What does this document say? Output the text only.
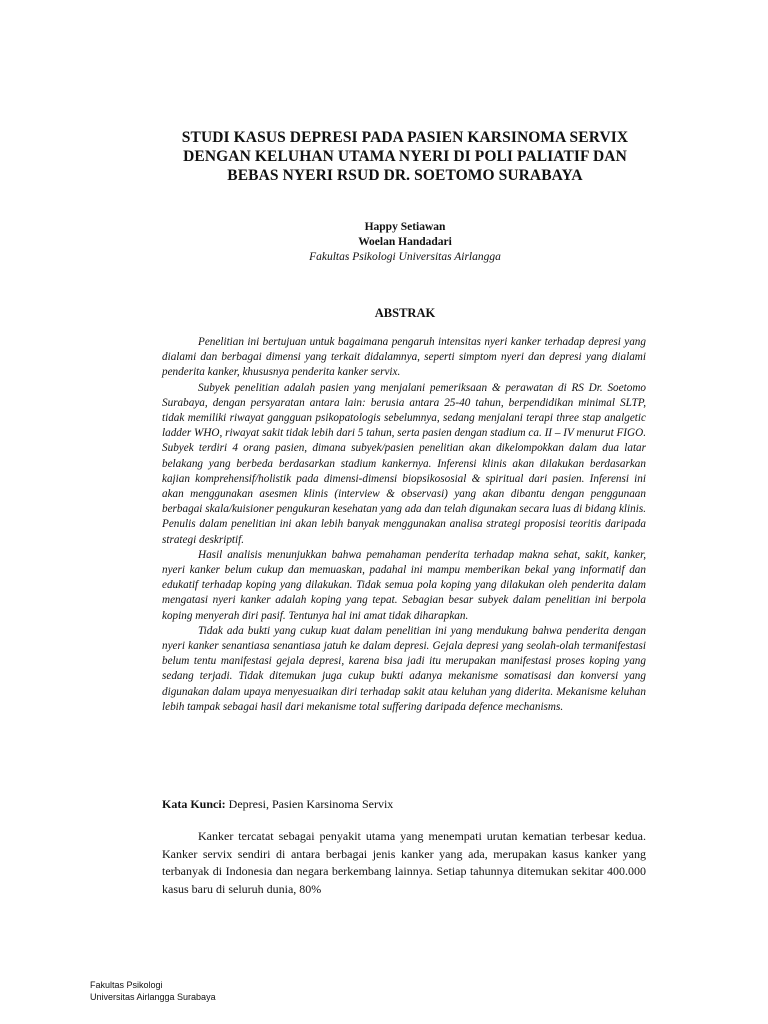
STUDI KASUS DEPRESI PADA PASIEN KARSINOMA SERVIX
DENGAN KELUHAN UTAMA NYERI DI POLI PALIATIF DAN
BEBAS NYERI RSUD DR. SOETOMO SURABAYA
Happy Setiawan
Woelan Handadari
Fakultas Psikologi Universitas Airlangga
ABSTRAK

Penelitian ini bertujuan untuk bagaimana pengaruh intensitas nyeri kanker terhadap depresi yang dialami dan berbagai dimensi yang terkait didalamnya, seperti simptom nyeri dan depresi yang dialami penderita kanker, khususnya penderita kanker servix.

Subyek penelitian adalah pasien yang menjalani pemeriksaan & perawatan di RS Dr. Soetomo Surabaya, dengan persyaratan antara lain: berusia antara 25-40 tahun, berpendidikan minimal SLTP, tidak memiliki riwayat gangguan psikopatologis sebelumnya, sedang menjalani terapi three stap analgetic ladder WHO, riwayat sakit tidak lebih dari 5 tahun, serta pasien dengan stadium ca. II – IV menurut FIGO. Subyek terdiri 4 orang pasien, dimana subyek/pasien penelitian akan dikelompokkan dalam dua latar belakang yang berbeda berdasarkan stadium kankernya. Inferensi klinis akan dilakukan berdasarkan kajian komprehensif/holistik pada dimensi-dimensi biopsikososial & spiritual dari pasien. Inferensi ini akan menggunakan asesmen klinis (interview & observasi) yang akan dibantu dengan penggunaan berbagai skala/kuisioner pengukuran kesehatan yang ada dan telah digunakan secara luas di bidang klinis. Penulis dalam penelitian ini akan lebih banyak menggunakan analisa strategi proposisi teoritis daripada strategi deskriptif.

Hasil analisis menunjukkan bahwa pemahaman penderita terhadap makna sehat, sakit, kanker, nyeri kanker belum cukup dan memuaskan, padahal ini mampu memberikan bekal yang informatif dan edukatif terhadap koping yang dilakukan. Tidak semua pola koping yang dilakukan oleh penderita dalam mengatasi nyeri kanker adalah koping yang tepat. Sebagian besar subyek dalam penelitian ini berpola koping menyerah diri pasif. Tentunya hal ini amat tidak diharapkan.

Tidak ada bukti yang cukup kuat dalam penelitian ini yang mendukung bahwa penderita dengan nyeri kanker senantiasa senantiasa jatuh ke dalam depresi. Gejala depresi yang seolah-olah termanifestasi belum tentu manifestasi gejala depresi, karena bisa jadi itu merupakan manifestasi proses koping yang sedang terjadi. Tidak ditemukan juga cukup bukti adanya mekanisme somatisasi dan konversi yang digunakan dalam upaya menyesuaikan diri terhadap sakit atau keluhan yang diderita. Mekanisme keluhan lebih tampak sebagai hasil dari mekanisme total suffering daripada defence mechanisms.

Kata Kunci: Depresi, Pasien Karsinoma Servix

Kanker tercatat sebagai penyakit utama yang menempati urutan kematian terbesar kedua. Kanker servix sendiri di antara berbagai jenis kanker yang ada, merupakan kasus kanker yang terbanyak di Indonesia dan negara berkembang lainnya. Setiap tahunnya ditemukan sekitar 400.000 kasus baru di seluruh dunia, 80%

Fakultas Psikologi
Universitas Airlangga Surabaya
